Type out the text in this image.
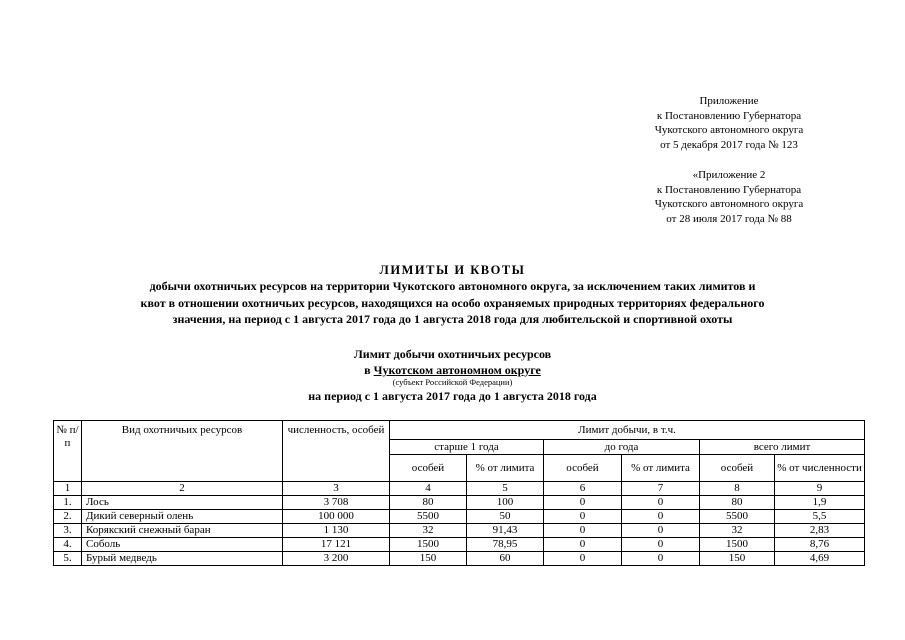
Приложение
к Постановлению Губернатора
Чукотского автономного округа
от 5 декабря 2017 года № 123
«Приложение 2
к Постановлению Губернатора
Чукотского автономного округа
от 28 июля 2017 года № 88
ЛИМИТЫ И КВОТЫ
добычи охотничьих ресурсов на территории Чукотского автономного округа, за исключением таких лимитов и
квот в отношении охотничьих ресурсов, находящихся на особо охраняемых природных территориях федерального
значения, на период с 1 августа 2017 года до 1 августа 2018 года для любительской и спортивной охоты
Лимит добычи охотничьих ресурсов
в Чукотском автономном округе
(субъект Российской Федерации)
на период с 1 августа 2017 года до 1 августа 2018 года
№ п/п	Вид охотничьих ресурсов	численность, особей	Лимит добычи, в т.ч.					
			старше 1 года		до года		всего лимит	
			особей	% от лимита	особей	% от лимита	особей	% от численности
1	2	3	4	5	6	7	8	9
1.	Лось	3 708	80	100	0	0	80	1,9
2.	Дикий северный олень	100 000	5500	50	0	0	5500	5,5
3.	Корякский снежный баран	1 130	32	91,43	0	0	32	2,83
4.	Соболь	17 121	1500	78,95	0	0	1500	8,76
5.	Бурый медведь	3 200	150	60	0	0	150	4,69
